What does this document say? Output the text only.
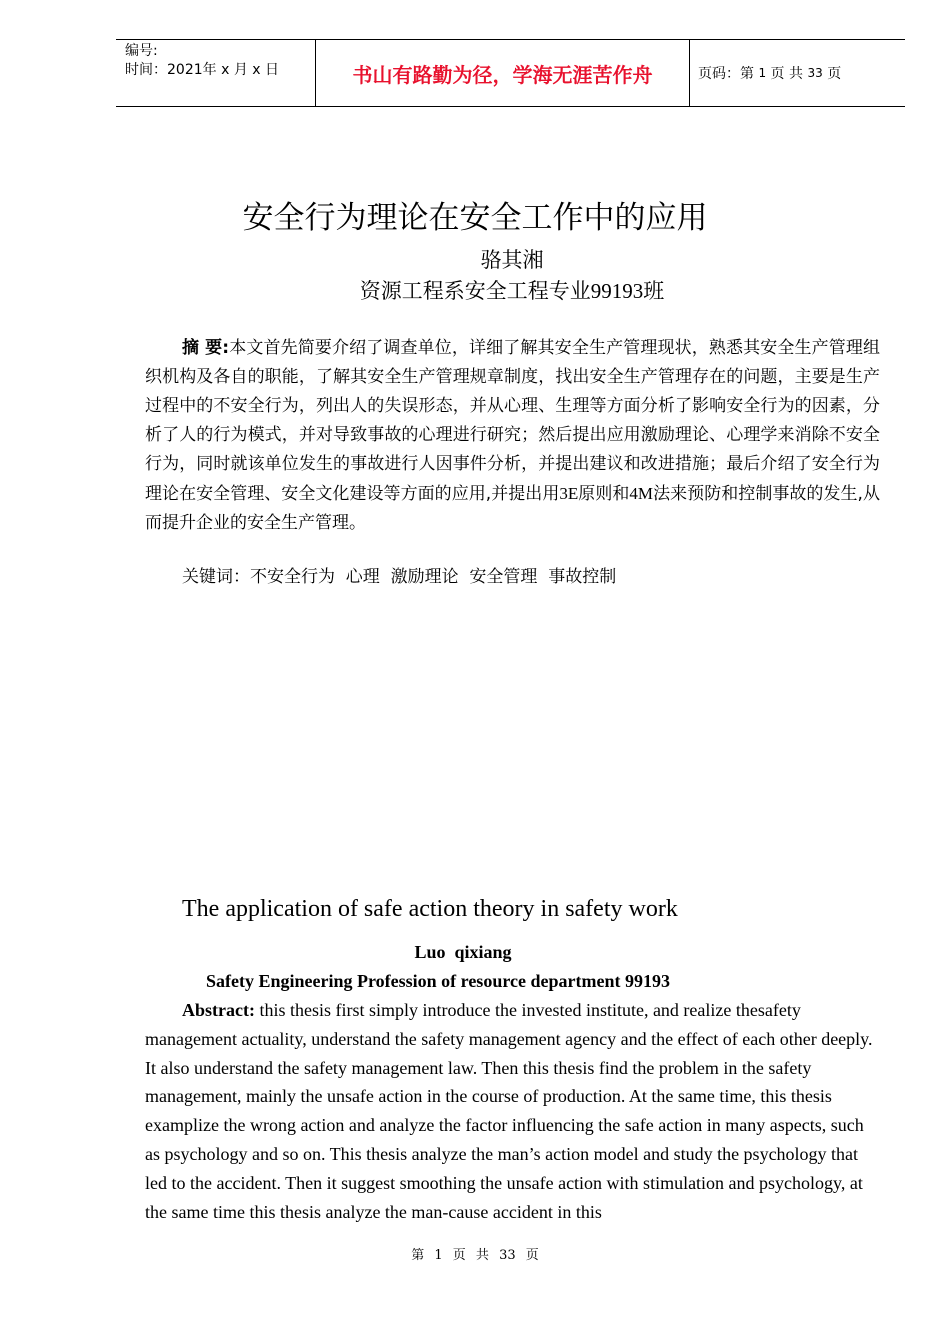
编号:
时间：2021年 x 月 x 日	书山有路勤为径，学海无涯苦作舟	页码：第
1
页 共
33
页
安全行为理论在安全工作中的应用
骆其湘
资源工程系安全工程专业99193班

摘 要:本文首先简要介绍了调查单位，详细了解其安全生产管理现状，熟悉其安全生产管理组织机构及各自的职能，了解其安全生产管理规章制度，找出安全生产管理存在的问题，主要是生产过程中的不安全行为，列出人的失误形态，并从心理、生理等方面分析了影响安全行为的因素，分析了人的行为模式，并对导致事故的心理进行研究；然后提出应用激励理论、心理学来消除不安全行为，同时就该单位发生的事故进行人因事件分析，并提出建议和改进措施；最后介绍了安全行为理论在安全管理、安全文化建设等方面的应用,并提出用3E原则和4M法来预防和控制事故的发生,从而提升企业的安全生产管理。

关键词：不安全行为  心理  激励理论  安全管理  事故控制
The application of safe action theory in safety work
Luo  qixiang
Safety Engineering Profession of resource department 99193

Abstract: this thesis first simply introduce the invested institute, and realize thesafety management actuality, understand the safety management agency and the effect of each other deeply. It also understand the safety management law. Then this thesis find the problem in the safety management, mainly the unsafe action in the course of production. At the same time, this thesis examplize the wrong action and analyze the factor influencing the safe action in many aspects, such as psychology and so on. This thesis analyze the man’s action model and study the psychology that led to the accident. Then it suggest smoothing the unsafe action with stimulation and psychology, at the same time this thesis analyze the man-cause accident in this

第 1 页 共 33 页
